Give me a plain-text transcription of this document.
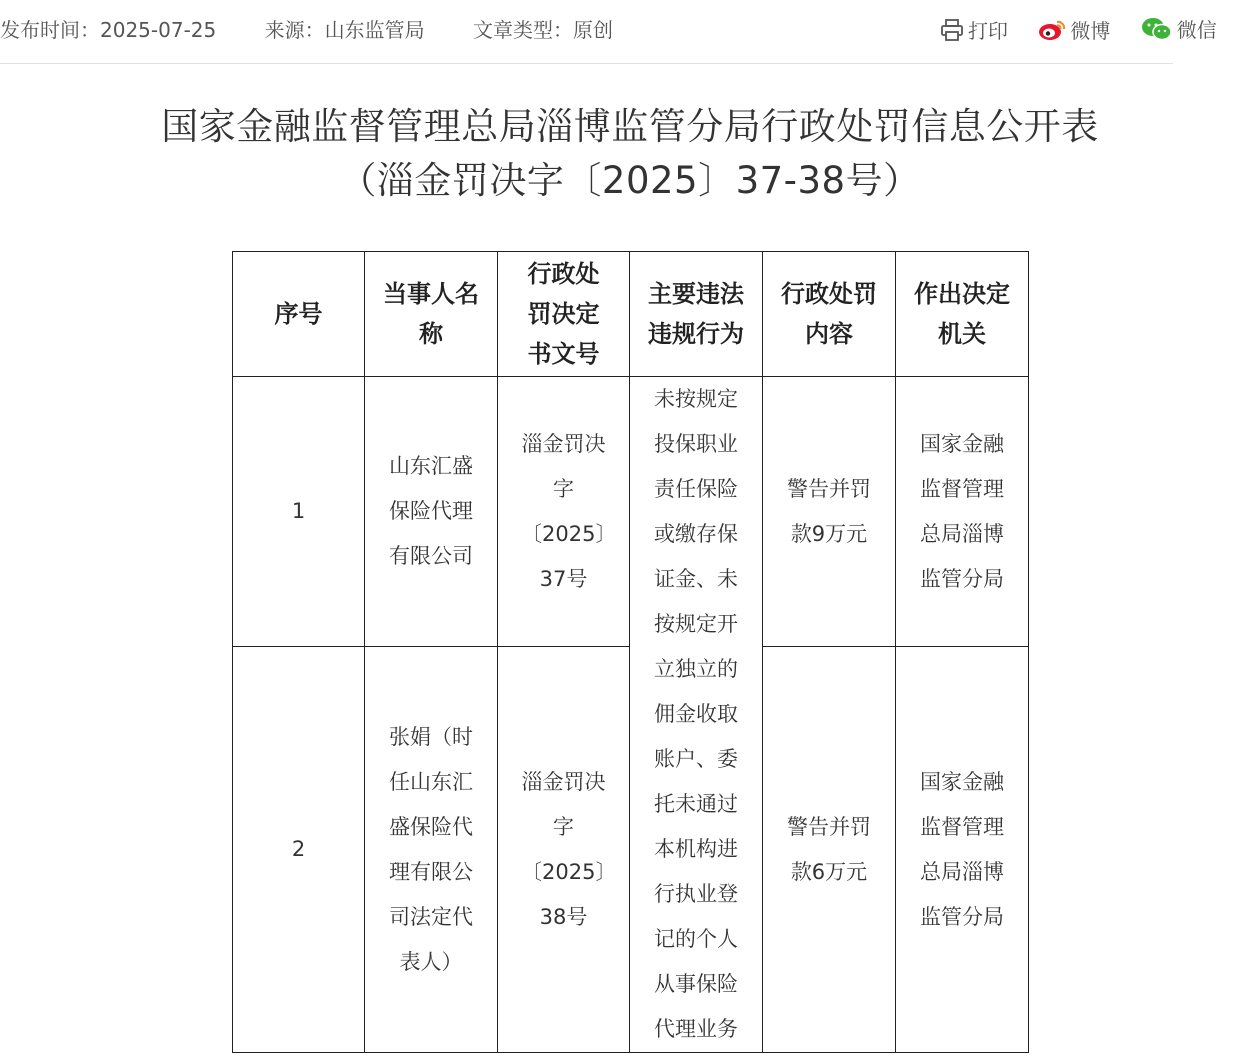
发布时间：2025-07-25 来源：山东监管局 文章类型：原创	打印
	微博
	微信
国家金融监督管理总局淄博监管分局行政处罚信息公开表
（淄金罚决字〔2025〕37-38号）
序号	当事人名称	行政处罚决定书文号	主要违法违规行为	行政处罚内容	作出决定机关
1	山东汇盛保险代理有限公司	淄金罚决字〔2025〕37号	未按规定投保职业责任保险或缴存保证金、未按规定开立独立的佣金收取账户、委托未通过本机构进行执业登记的个人从事保险代理业务	警告并罚款9万元	国家金融监督管理总局淄博监管分局
2	张娟（时任山东汇盛保险代理有限公司法定代表人）	淄金罚决字〔2025〕38号		警告并罚款6万元	国家金融监督管理总局淄博监管分局
